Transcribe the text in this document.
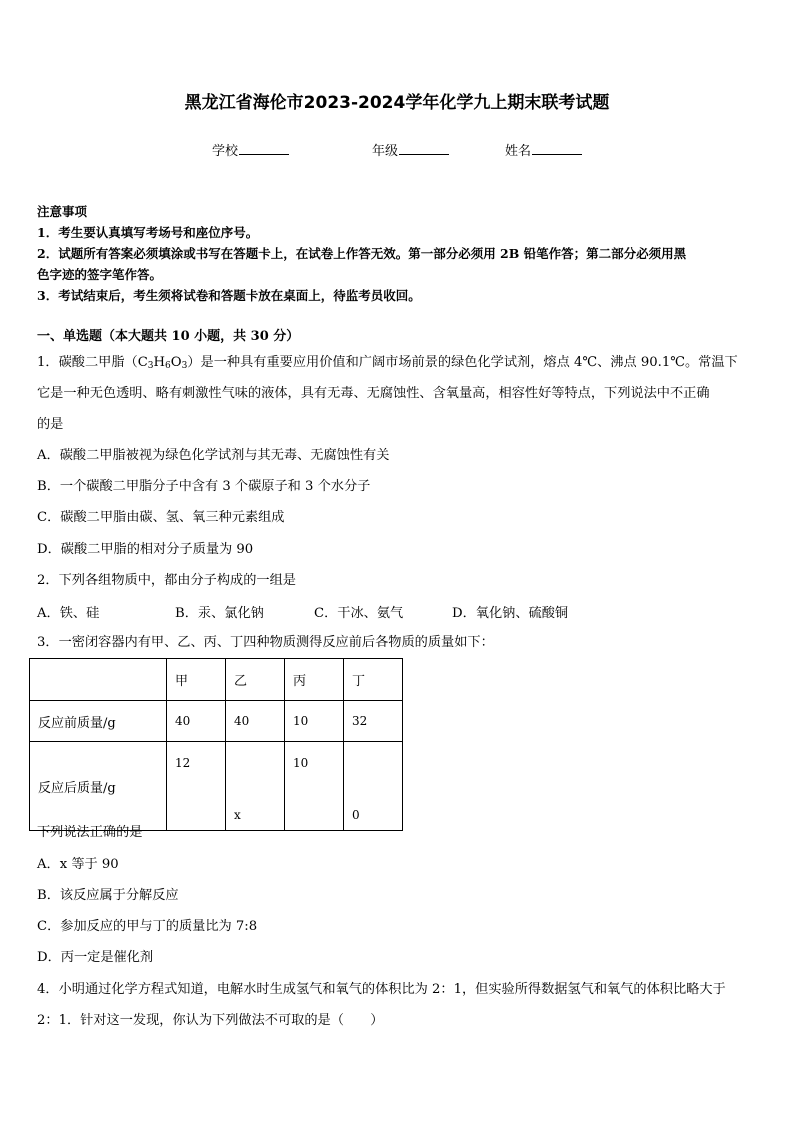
黑龙江省海伦市2023-2024学年化学九上期末联考试题
学校	年级	姓名
注意事项
1．考生要认真填写考场号和座位序号。
2．试题所有答案必须填涂或书写在答题卡上，在试卷上作答无效。第一部分必须用 2B 铅笔作答；第二部分必须用黑
色字迹的签字笔作答。
3．考试结束后，考生须将试卷和答题卡放在桌面上，待监考员收回。
一、单选题（本大题共 10 小题，共 30 分）
1．碳酸二甲脂$(C_3H_6O_3)$是一种具有重要应用价值和广阔市场前景的绿色化学试剂，熔点 4℃、沸点 90.1℃。常温下
它是一种无色透明、略有刺激性气味的液体，具有无毒、无腐蚀性、含氧量高，相容性好等特点，下列说法中不正确
的是
A．碳酸二甲脂被视为绿色化学试剂与其无毒、无腐蚀性有关
B．一个碳酸二甲脂分子中含有 3 个碳原子和 3 个水分子
C．碳酸二甲脂由碳、氢、氧三种元素组成
D．碳酸二甲脂的相对分子质量为 90
2．下列各组物质中，都由分子构成的一组是
A．铁、硅	B．汞、氯化钠	C．干冰、氨气	D．氧化钠、硫酸铜
3．一密闭容器内有甲、乙、丙、丁四种物质测得反应前后各物质的质量如下：
	甲	乙	丙	丁
反应前质量/g	40	40	10	32
反应后质量/g	12	x	10	0
下列说法正确的是
A．x 等于 90
B．该反应属于分解反应
C．参加反应的甲与丁的质量比为 7:8
D．丙一定是催化剂
4．小明通过化学方程式知道，电解水时生成氢气和氧气的体积比为 2：1，但实验所得数据氢气和氧气的体积比略大于
2：1．针对这一发现，你认为下列做法不可取的是（　　）
